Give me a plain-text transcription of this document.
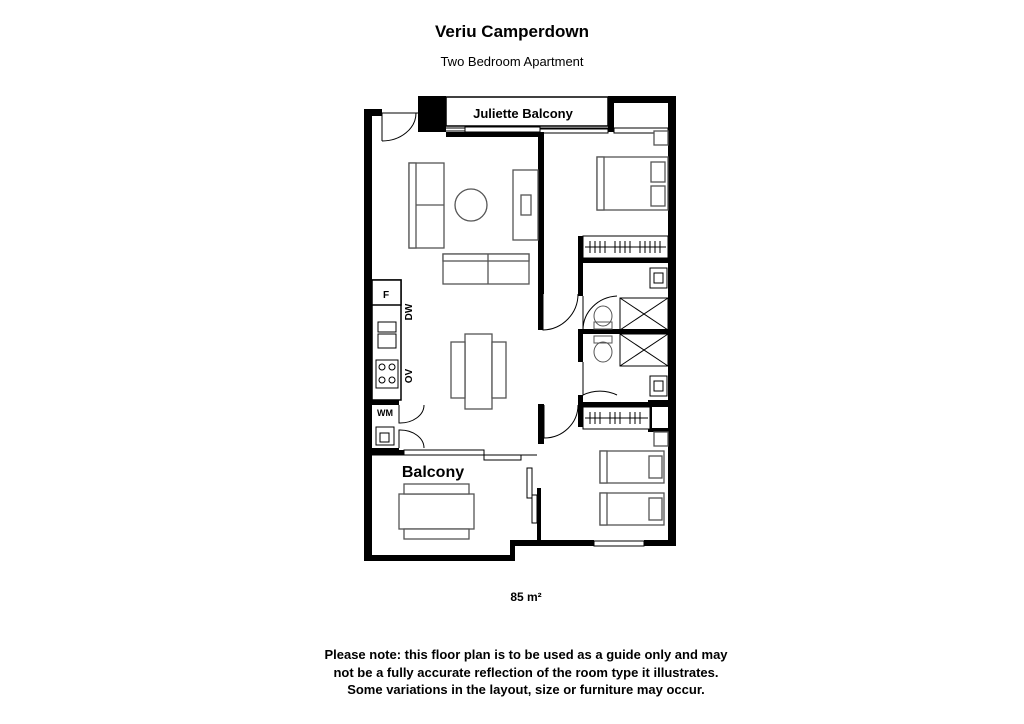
Veriu Camperdown
Two Bedroom Apartment
Juliette Balcony
F
DW
OV
WM
Balcony
85 m²
Please note: this floor plan is to be used as a guide only and may
not be a fully accurate reflection of the room type it illustrates.
Some variations in the layout, size or furniture may occur.
